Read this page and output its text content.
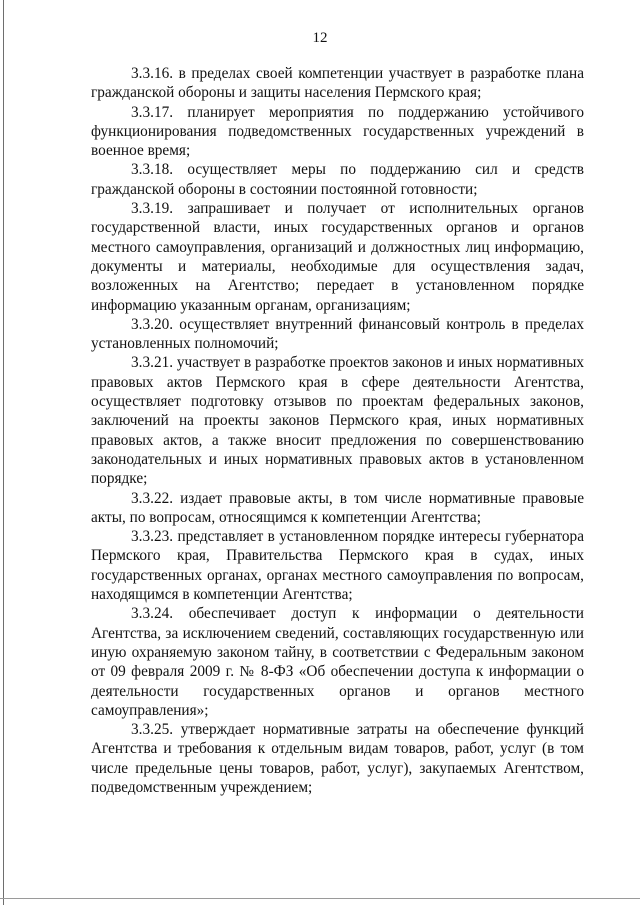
12

3.3.16. в пределах своей компетенции участвует в разработке плана гражданской обороны и защиты населения Пермского края;

3.3.17. планирует мероприятия по поддержанию устойчивого функционирования подведомственных государственных учреждений в военное время;

3.3.18. осуществляет меры по поддержанию сил и средств гражданской обороны в состоянии постоянной готовности;

3.3.19. запрашивает и получает от исполнительных органов государственной власти, иных государственных органов и органов местного самоуправления, организаций и должностных лиц информацию, документы и материалы, необходимые для осуществления задач, возложенных на Агентство; передает в установленном порядке информацию указанным органам, организациям;

3.3.20. осуществляет внутренний финансовый контроль в пределах установленных полномочий;

3.3.21. участвует в разработке проектов законов и иных нормативных правовых актов Пермского края в сфере деятельности Агентства, осуществляет подготовку отзывов по проектам федеральных законов, заключений на проекты законов Пермского края, иных нормативных правовых актов, а также вносит предложения по совершенствованию законодательных и иных нормативных правовых актов в установленном порядке;

3.3.22. издает правовые акты, в том числе нормативные правовые акты, по вопросам, относящимся к компетенции Агентства;

3.3.23. представляет в установленном порядке интересы губернатора Пермского края, Правительства Пермского края в судах, иных государственных органах, органах местного самоуправления по вопросам, находящимся в компетенции Агентства;

3.3.24. обеспечивает доступ к информации о деятельности Агентства, за исключением сведений, составляющих государственную или иную охраняемую законом тайну, в соответствии с Федеральным законом от 09 февраля 2009 г. № 8-ФЗ «Об обеспечении доступа к информации о деятельности государственных органов и органов местного самоуправления»;

3.3.25. утверждает нормативные затраты на обеспечение функций Агентства и требования к отдельным видам товаров, работ, услуг (в том числе предельные цены товаров, работ, услуг), закупаемых Агентством, подведомственным учреждением;
